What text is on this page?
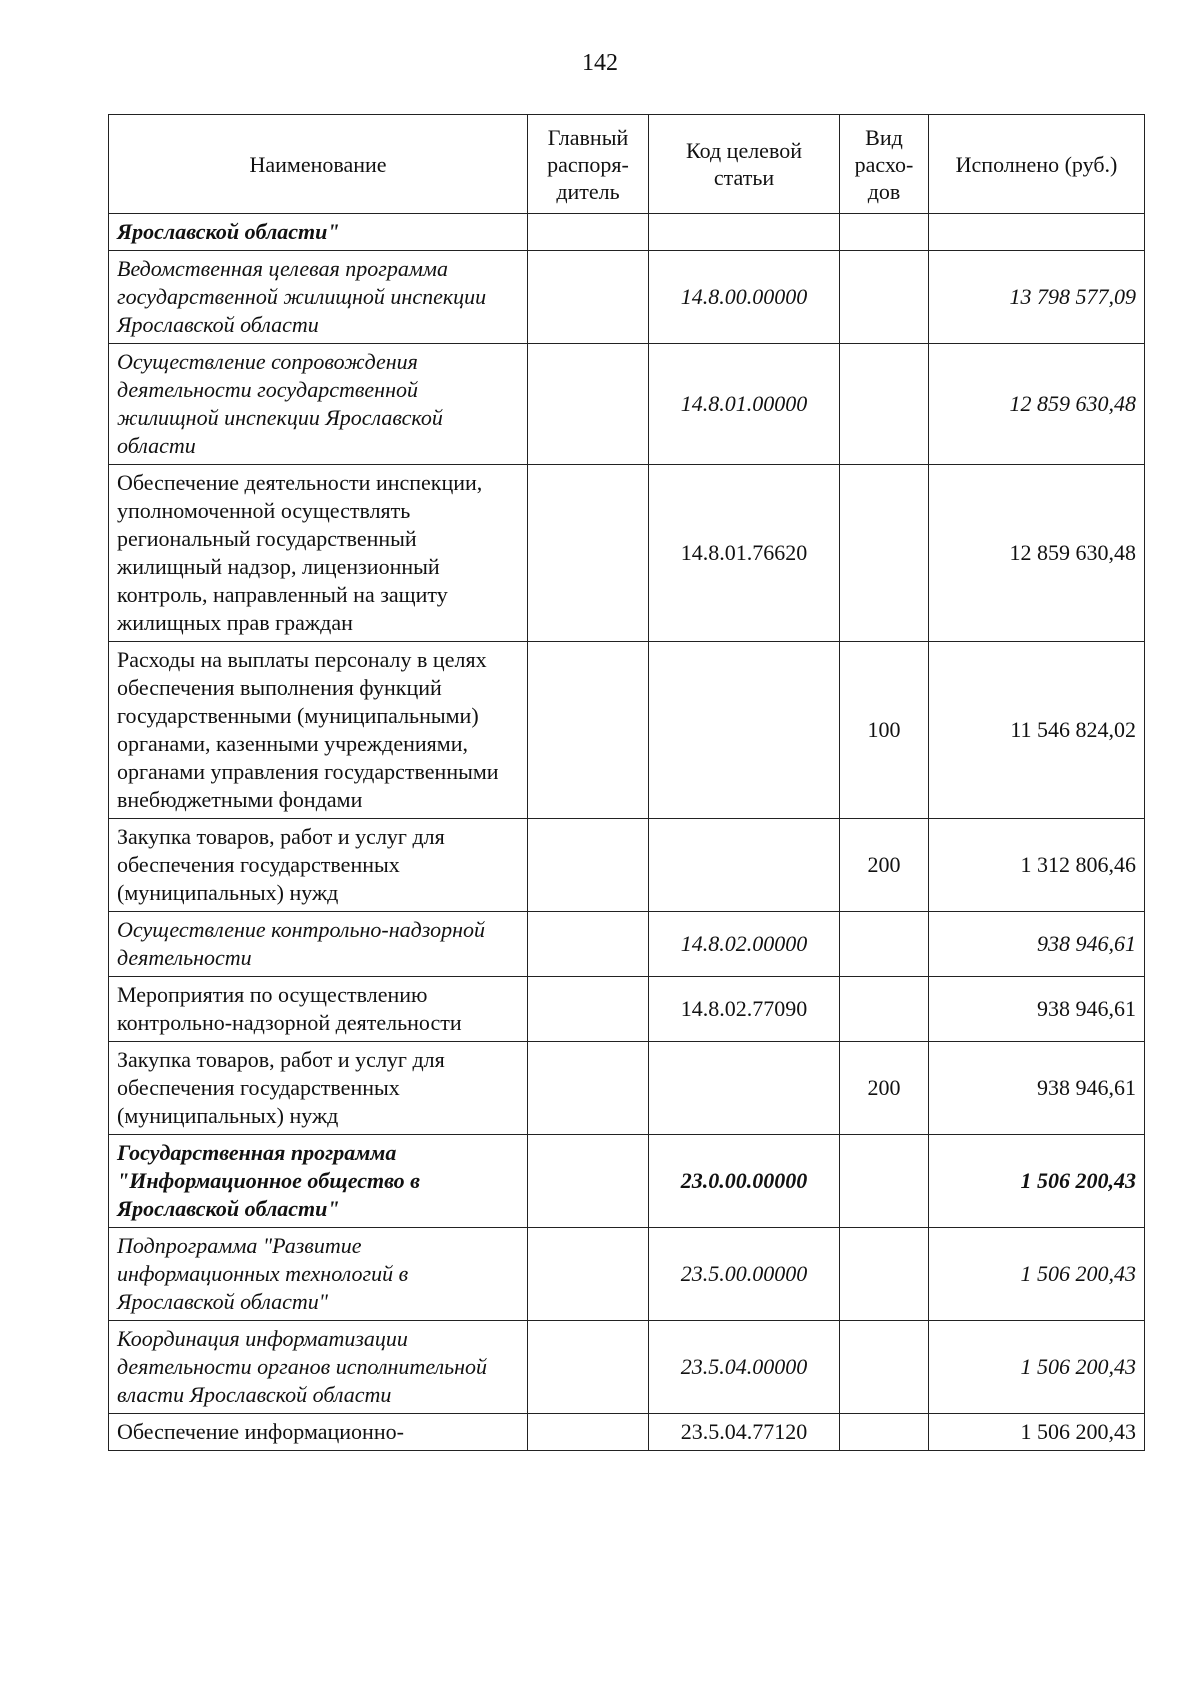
142
Наименование	Главный распоря-дитель	Код целевой статьи	Вид расхо-дов	Исполнено (руб.)
Ярославской области"				
Ведомственная целевая программа государственной жилищной инспекции Ярославской области		14.8.00.00000		13 798 577,09
Осуществление сопровождения деятельности государственной жилищной инспекции Ярославской области		14.8.01.00000		12 859 630,48
Обеспечение деятельности инспекции, уполномоченной осуществлять региональный государственный жилищный надзор, лицензионный контроль, направленный на защиту жилищных прав граждан		14.8.01.76620		12 859 630,48
Расходы на выплаты персоналу в целях обеспечения выполнения функций государственными (муниципальными) органами, казенными учреждениями, органами управления государственными внебюджетными фондами			100	11 546 824,02
Закупка товаров, работ и услуг для обеспечения государственных (муниципальных) нужд			200	1 312 806,46
Осуществление контрольно-надзорной деятельности		14.8.02.00000		938 946,61
Мероприятия по осуществлению контрольно-надзорной деятельности		14.8.02.77090		938 946,61
Закупка товаров, работ и услуг для обеспечения государственных (муниципальных) нужд			200	938 946,61
Государственная программа "Информационное общество в Ярославской области"		23.0.00.00000		1 506 200,43
Подпрограмма "Развитие информационных технологий в Ярославской области"		23.5.00.00000		1 506 200,43
Координация информатизации деятельности органов исполнительной власти Ярославской области		23.5.04.00000		1 506 200,43
Обеспечение информационно-		23.5.04.77120		1 506 200,43
